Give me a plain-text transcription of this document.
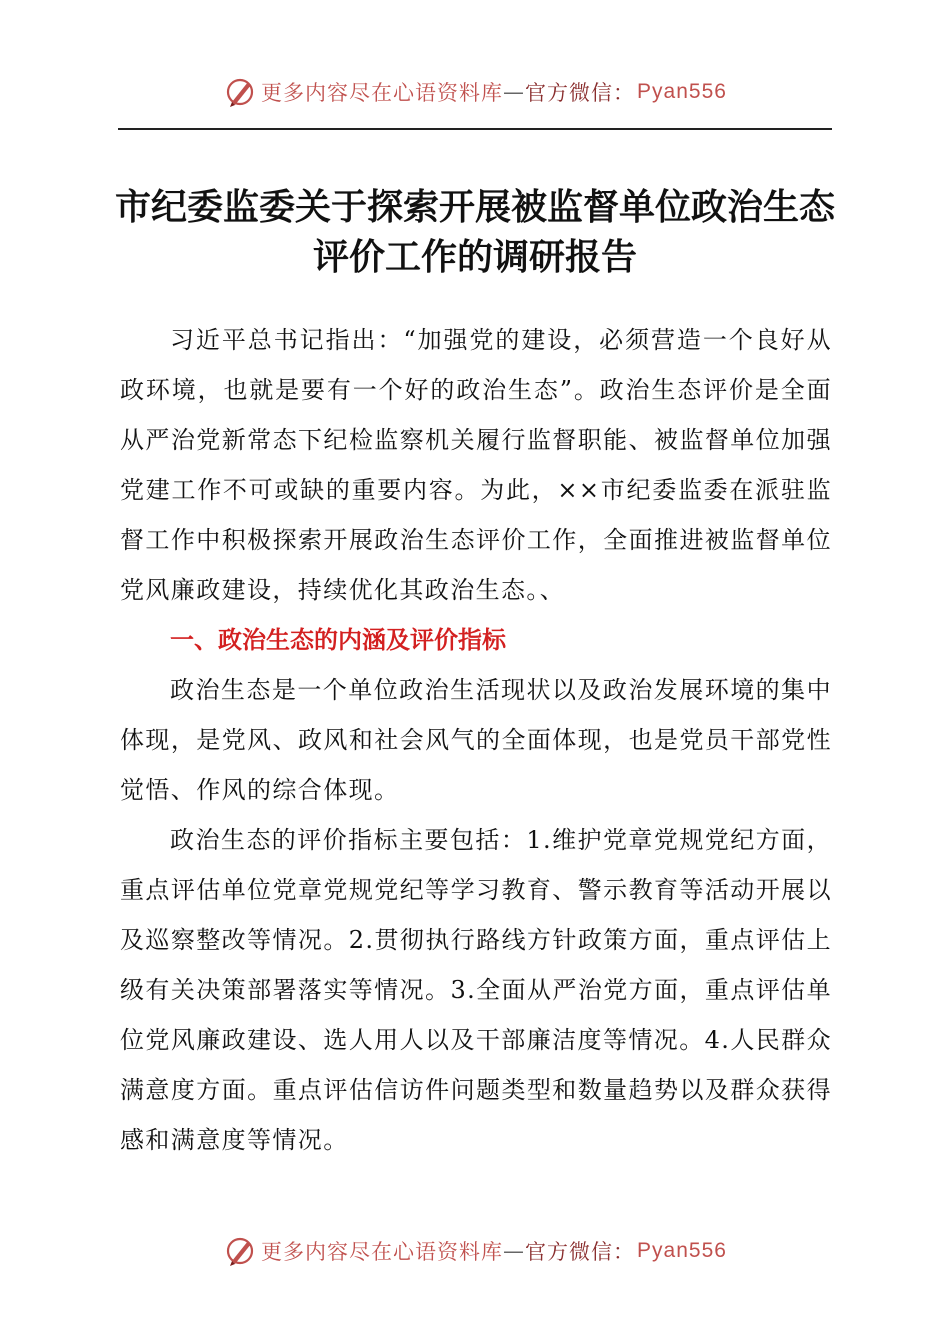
更多内容尽在心语资料库 — 官方微信： Pyan556
市纪委监委关于探索开展被监督单位政治生态
评价工作的调研报告

习近平总书记指出：“加强党的建设，必须营造一个良好从政环境，也就是要有一个好的政治生态”。政治生态评价是全面从严治党新常态下纪检监察机关履行监督职能、被监督单位加强党建工作不可或缺的重要内容。为此，××市纪委监委在派驻监督工作中积极探索开展政治生态评价工作，全面推进被监督单位党风廉政建设，持续优化其政治生态。、

一、政治生态的内涵及评价指标

政治生态是一个单位政治生活现状以及政治发展环境的集中体现，是党风、政风和社会风气的全面体现，也是党员干部党性觉悟、作风的综合体现。

政治生态的评价指标主要包括：1.维护党章党规党纪方面，重点评估单位党章党规党纪等学习教育、警示教育等活动开展以及巡察整改等情况。2.贯彻执行路线方针政策方面，重点评估上级有关决策部署落实等情况。3.全面从严治党方面，重点评估单位党风廉政建设、选人用人以及干部廉洁度等情况。4.人民群众满意度方面。重点评估信访件问题类型和数量趋势以及群众获得感和满意度等情况。

更多内容尽在心语资料库 — 官方微信： Pyan556
